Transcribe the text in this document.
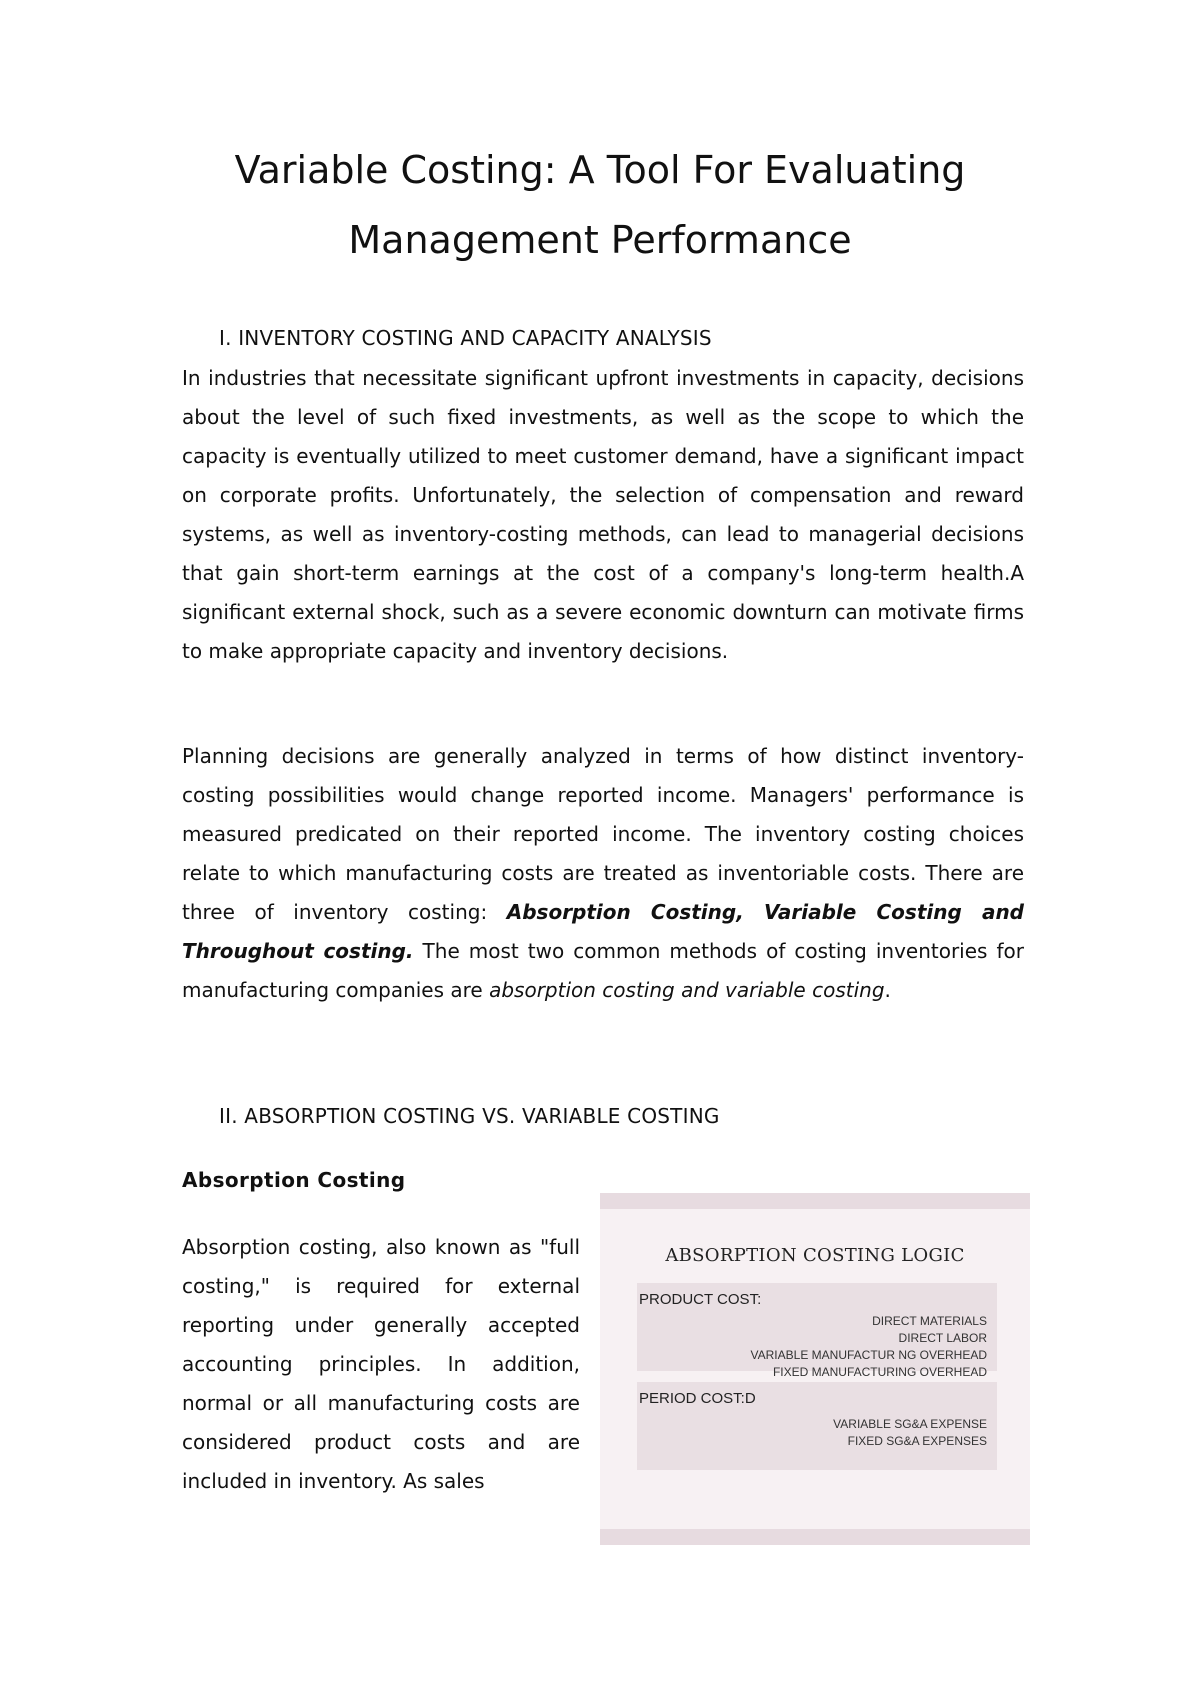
Variable Costing: A Tool For Evaluating
Management Performance
I. INVENTORY COSTING AND CAPACITY ANALYSIS

In industries that necessitate significant upfront investments in capacity, decisions about the level of such fixed investments, as well as the scope to which the capacity is eventually utilized to meet customer demand, have a significant impact on corporate profits. Unfortunately, the selection of compensation and reward systems, as well as inventory-costing methods, can lead to managerial decisions that gain short-term earnings at the cost of a company's long-term health.A significant external shock, such as a severe economic downturn can motivate firms to make appropriate capacity and inventory decisions.

Planning decisions are generally analyzed in terms of how distinct inventory-costing possibilities would change reported income. Managers' performance is measured predicated on their reported income. The inventory costing choices relate to which manufacturing costs are treated as inventoriable costs. There are three of inventory costing: Absorption Costing, Variable Costing and Throughout costing. The most two common methods of costing inventories for manufacturing companies are absorption costing and variable costing.

II. ABSORPTION COSTING VS. VARIABLE COSTING
Absorption Costing

Absorption costing, also known as "full costing," is required for external reporting under generally accepted accounting principles. In addition, normal or all manufacturing costs are considered product costs and are included in inventory. As sales

ABSORPTION COSTING LOGIC
PRODUCT COST:
DIRECT MATERIALS
DIRECT LABOR
VARIABLE MANUFACTUR NG OVERHEAD
FIXED MANUFACTURING OVERHEAD
PERIOD COST:D
VARIABLE SG&A EXPENSE
FIXED SG&A EXPENSES
